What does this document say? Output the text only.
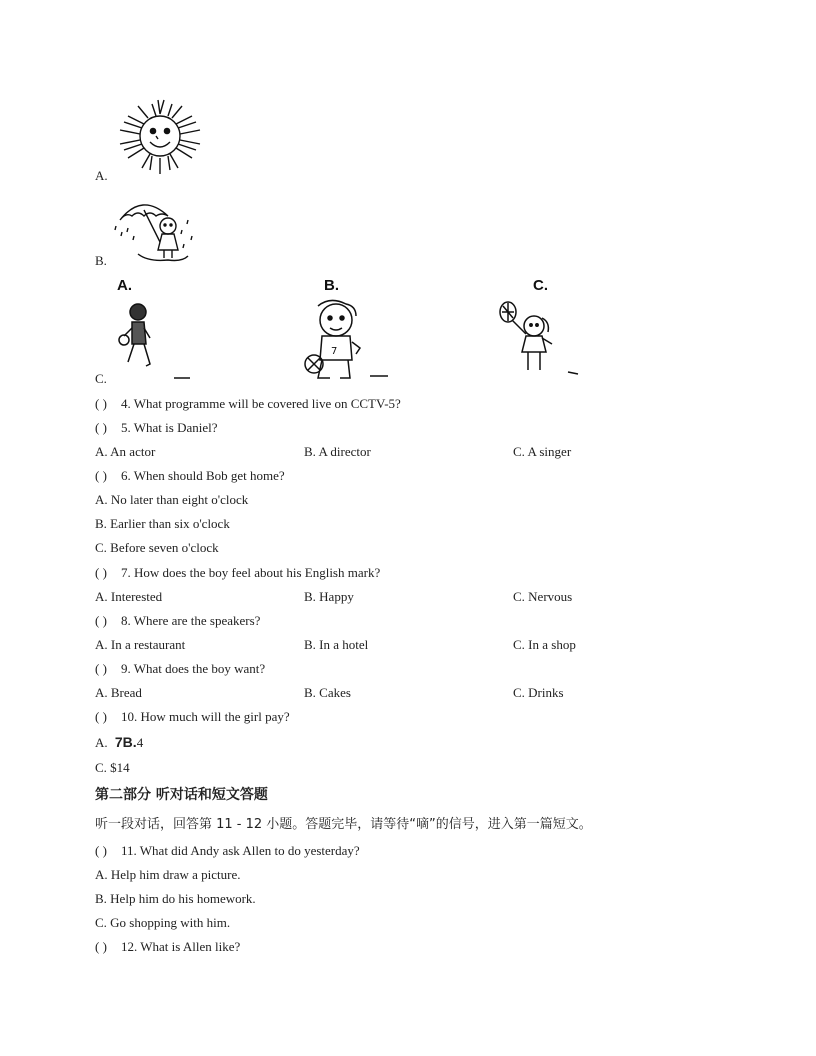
A.
B.
A.	B.	C.
C.
7
( ) 4. What programme will be covered live on CCTV-5?
( ) 5. What is Daniel?
A. An actor	B. A director	C. A singer
( ) 6. When should Bob get home?
A. No later than eight o'clock
B. Earlier than six o'clock
C. Before seven o'clock
( ) 7. How does the boy feel about his English mark?
A. Interested	B. Happy	C. Nervous
( ) 8. Where are the speakers?
A. In a restaurant	B. In a hotel	C. In a shop
( ) 9. What does the boy want?
A. Bread	B. Cakes	C. Drinks
( ) 10. How much will the girl pay?
A. 7B.4
C. $14
第二部分 听对话和短文答题
听一段对话，回答第 11 - 12 小题。答题完毕，请等待“嘀”的信号，进入第一篇短文。
( ) 11. What did Andy ask Allen to do yesterday?
A. Help him draw a picture.
B. Help him do his homework.
C. Go shopping with him.
( ) 12. What is Allen like?
